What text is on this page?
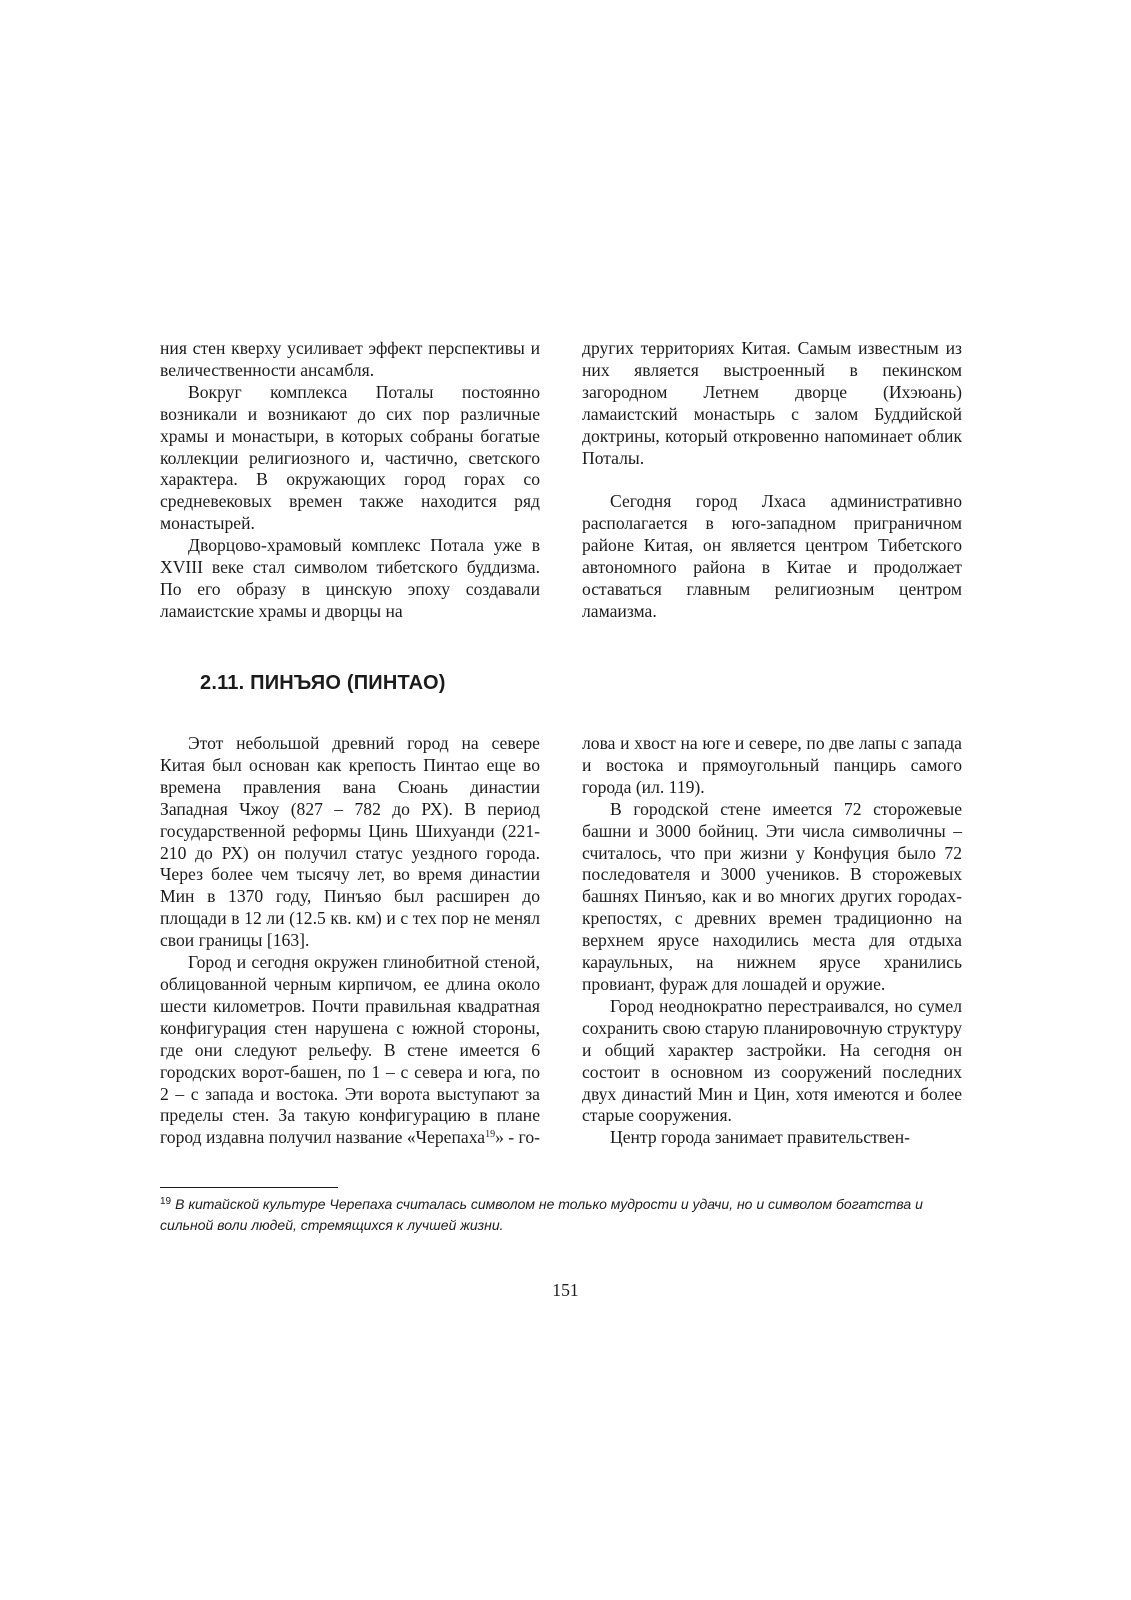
ния стен кверху усиливает эффект перспективы и величественности ансамбля.

Вокруг комплекса Поталы постоянно возникали и возникают до сих пор различные храмы и монастыри, в которых собраны богатые коллекции религиозного и, частично, светского характера. В окружающих город горах со средневековых времен также находится ряд монастырей.

Дворцово-храмовый комплекс Потала уже в XVIII веке стал символом тибетского буддизма. По его образу в цинскую эпоху создавали ламаистские храмы и дворцы на

других территориях Китая. Самым известным из них является выстроенный в пекинском загородном Летнем дворце (Ихэюань) ламаистский монастырь с залом Буддийской доктрины, который откровенно напоминает облик Поталы.

Сегодня город Лхаса административно располагается в юго-западном приграничном районе Китая, он является центром Тибетского автономного района в Китае и продолжает оставаться главным религиозным центром ламаизма.

2.11. ПИНЪЯО (ПИНТАО)

Этот небольшой древний город на севере Китая был основан как крепость Пинтао еще во времена правления вана Сюань династии Западная Чжоу (827 – 782 до РХ). В период государственной реформы Цинь Шихуанди (221-210 до РХ) он получил статус уездного города. Через более чем тысячу лет, во время династии Мин в 1370 году, Пинъяо был расширен до площади в 12 ли (12.5 кв. км) и с тех пор не менял свои границы [163].

Город и сегодня окружен глинобитной стеной, облицованной черным кирпичом, ее длина около шести километров. Почти правильная квадратная конфигурация стен нарушена с южной стороны, где они следуют рельефу. В стене имеется 6 городских ворот-башен, по 1 – с севера и юга, по 2 – с запада и востока. Эти ворота выступают за пределы стен. За такую конфигурацию в плане город издавна получил название «Черепаха$^{19}$» - го-

лова и хвост на юге и севере, по две лапы с запада и востока и прямоугольный панцирь самого города (ил. 119).

В городской стене имеется 72 сторожевые башни и 3000 бойниц. Эти числа символичны – считалось, что при жизни у Конфуция было 72 последователя и 3000 учеников. В сторожевых башнях Пинъяо, как и во многих других городах-крепостях, с древних времен традиционно на верхнем ярусе находились места для отдыха караульных, на нижнем ярусе хранились провиант, фураж для лошадей и оружие.

Город неоднократно перестраивался, но сумел сохранить свою старую планировочную структуру и общий характер застройки. На сегодня он состоит в основном из сооружений последних двух династий Мин и Цин, хотя имеются и более старые сооружения.

Центр города занимает правительствен-

$^{19}$ В китайской культуре Черепаха считалась символом не только мудрости и удачи, но и символом богатства и сильной воли людей, стремящихся к лучшей жизни.
151
